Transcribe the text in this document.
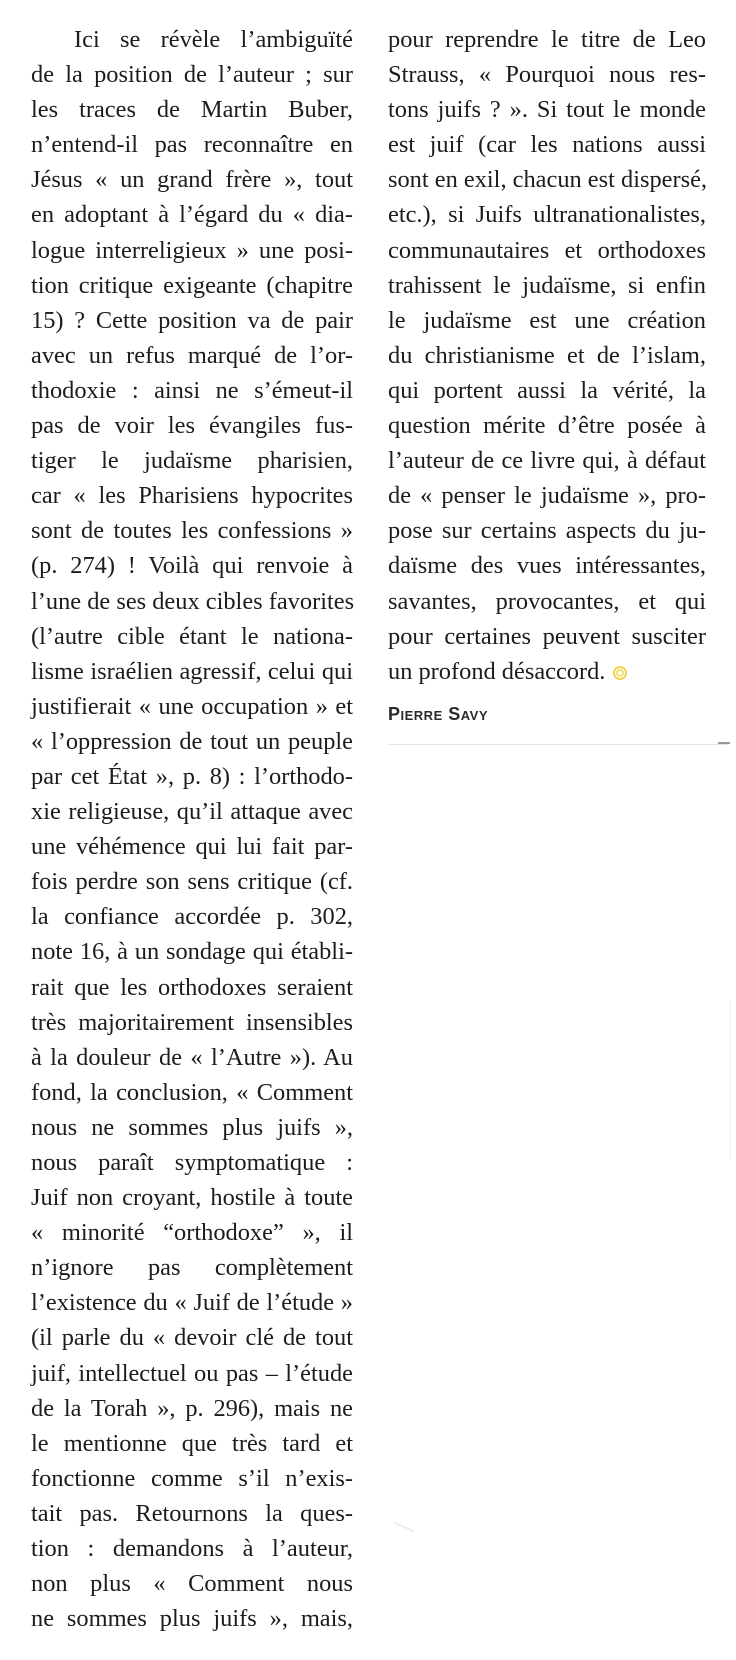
Ici se révèle l’ambiguïté
de la position de l’auteur ; sur
les traces de Martin Buber,
n’entend-il pas reconnaître en
Jésus « un grand frère », tout
en adoptant à l’égard du « dia-
logue interreligieux » une posi-
tion critique exigeante (chapitre
15) ? Cette position va de pair
avec un refus marqué de l’or-
thodoxie : ainsi ne s’émeut-il
pas de voir les évangiles fus-
tiger le judaïsme pharisien,
car « les Pharisiens hypocrites
sont de toutes les confessions »
(p. 274) ! Voilà qui renvoie à
l’une de ses deux cibles favorites
(l’autre cible étant le nationa-
lisme israélien agressif, celui qui
justifierait « une occupation » et
« l’oppression de tout un peuple
par cet État », p. 8) : l’orthodo-
xie religieuse, qu’il attaque avec
une véhémence qui lui fait par-
fois perdre son sens critique (cf.
la confiance accordée p. 302,
note 16, à un sondage qui établi-
rait que les orthodoxes seraient
très majoritairement insensibles
à la douleur de « l’Autre »). Au
fond, la conclusion, « Comment
nous ne sommes plus juifs »,
nous paraît symptomatique :
Juif non croyant, hostile à toute
« minorité “orthodoxe” », il
n’ignore pas complètement
l’existence du « Juif de l’étude »
(il parle du « devoir clé de tout
juif, intellectuel ou pas – l’étude
de la Torah », p. 296), mais ne
le mentionne que très tard et
fonctionne comme s’il n’exis-
tait pas. Retournons la ques-
tion : demandons à l’auteur,
non plus « Comment nous
ne sommes plus juifs », mais,
pour reprendre le titre de Leo
Strauss, « Pourquoi nous res-
tons juifs ? ». Si tout le monde
est juif (car les nations aussi
sont en exil, chacun est dispersé,
etc.), si Juifs ultranationalistes,
communautaires et orthodoxes
trahissent le judaïsme, si enfin
le judaïsme est une création
du christianisme et de l’islam,
qui portent aussi la vérité, la
question mérite d’être posée à
l’auteur de ce livre qui, à défaut
de « penser le judaïsme », pro-
pose sur certains aspects du ju-
daïsme des vues intéressantes,
savantes, provocantes, et qui
pour certaines peuvent susciter
un profond désaccord.
Pierre Savy
